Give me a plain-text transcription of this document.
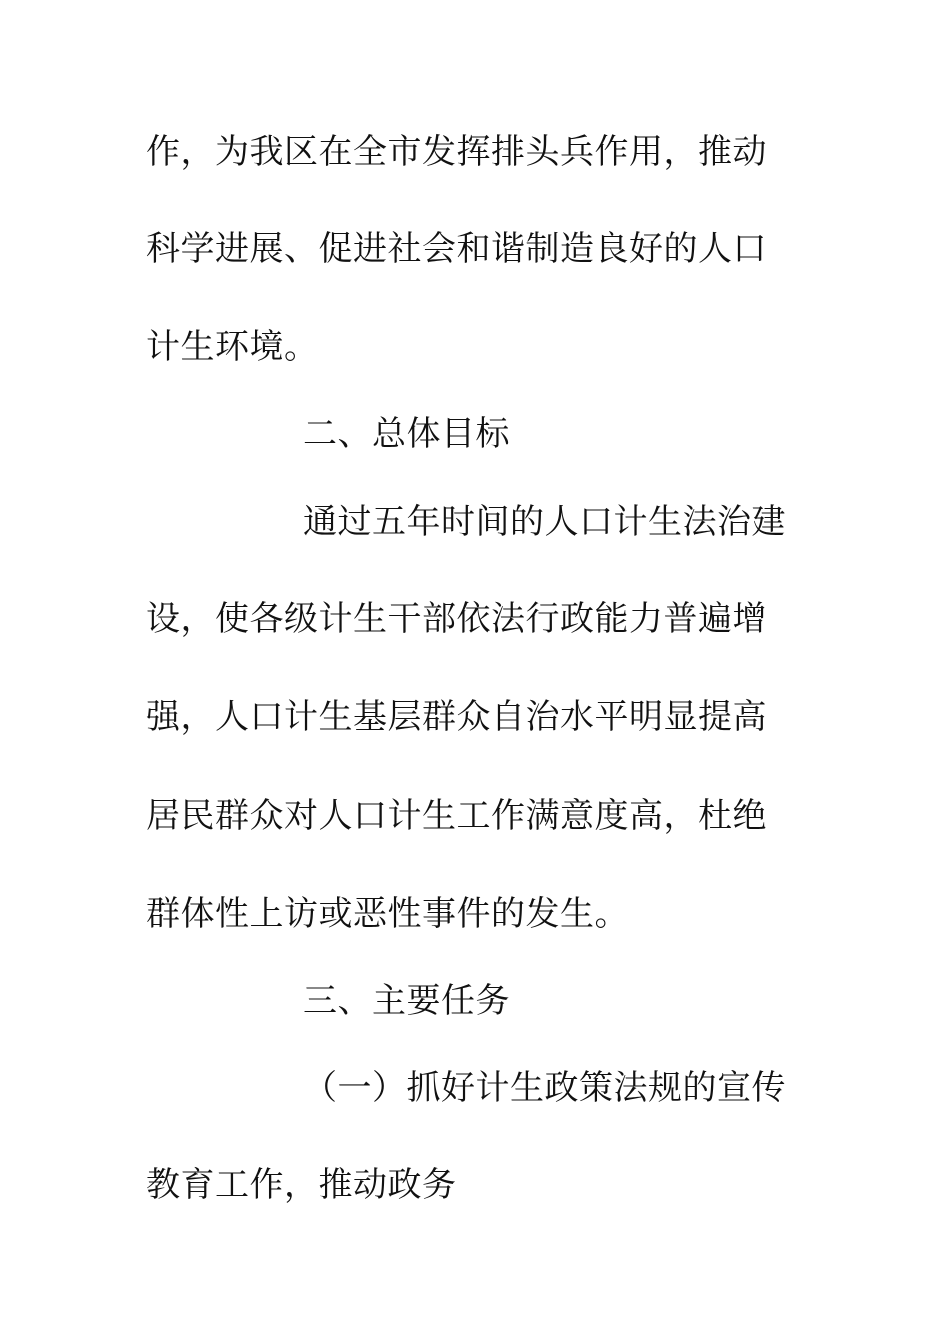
作，为我区在全市发挥排头兵作用，推动
科学进展、促进社会和谐制造良好的人口
计生环境。
二、总体目标
通过五年时间的人口计生法治建
设，使各级计生干部依法行政能力普遍增
强，人口计生基层群众自治水平明显提高
居民群众对人口计生工作满意度高，杜绝
群体性上访或恶性事件的发生。
三、主要任务
（一）抓好计生政策法规的宣传
教育工作，推动政务
